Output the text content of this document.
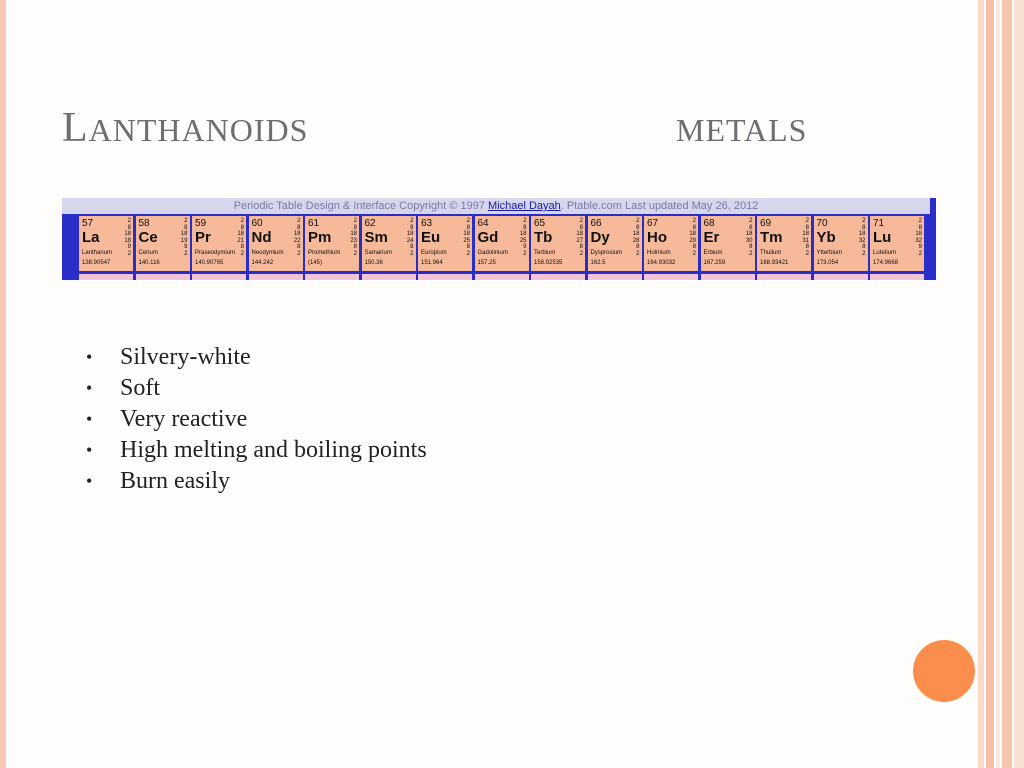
LANTHANOIDS	METALS
Periodic Table Design & Interface Copyright © 1997 Michael Dayah. Ptable.com Last updated May 26, 2012
57
La
Lanthanum
138.90547
2
8
18
18
9
2
58
Ce
Cerium
140.116
2
8
18
19
9
2
59
Pr
Praseodymium
140.90765
2
8
18
21
8
2
60
Nd
Neodymium
144.242
2
8
18
22
8
2
61
Pm
Promethium
(145)
2
8
18
23
8
2
62
Sm
Samarium
150.36
2
8
18
24
8
2
63
Eu
Europium
151.964
2
8
18
25
8
2
64
Gd
Gadolinium
157.25
2
8
18
25
9
2
65
Tb
Terbium
158.92535
2
8
18
27
8
2
66
Dy
Dysprosium
162.5
2
8
18
28
8
2
67
Ho
Holmium
164.93032
2
8
18
29
8
2
68
Er
Erbium
167.259
2
8
18
30
8
2
69
Tm
Thulium
168.93421
2
8
18
31
8
2
70
Yb
Ytterbium
173.054
2
8
18
32
8
2
71
Lu
Lutetium
174.9668
2
8
18
32
9
2
• Silvery-white
• Soft
• Very reactive
• High melting and boiling points
• Burn easily
